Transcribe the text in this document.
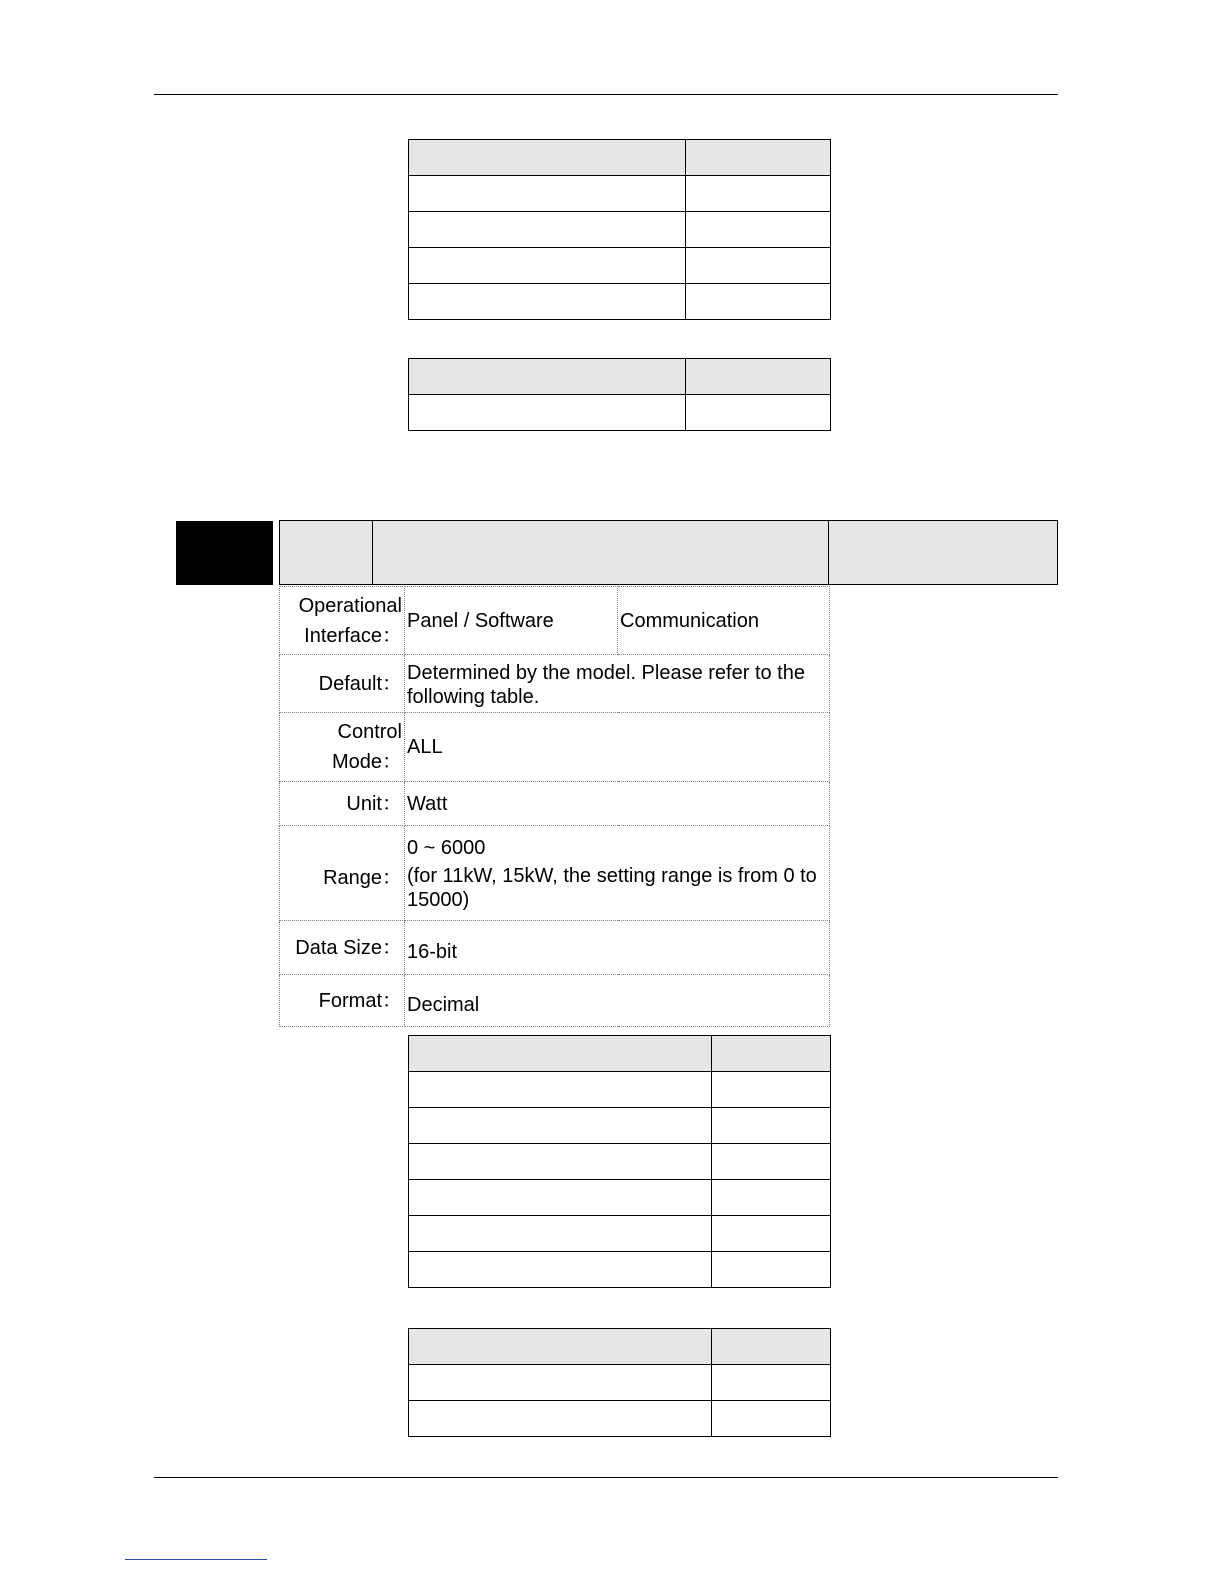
Operational
Interface：	Panel / Software	Communication
Default：	Determined by the model. Please refer to the following table.	

Control
Mode：	ALL	
Unit：	Watt	
Range：	0 ~ 6000
(for 11kW, 15kW, the setting range is from 0 to 15000)	
Data Size：	16-bit	
Format：	Decimal	
